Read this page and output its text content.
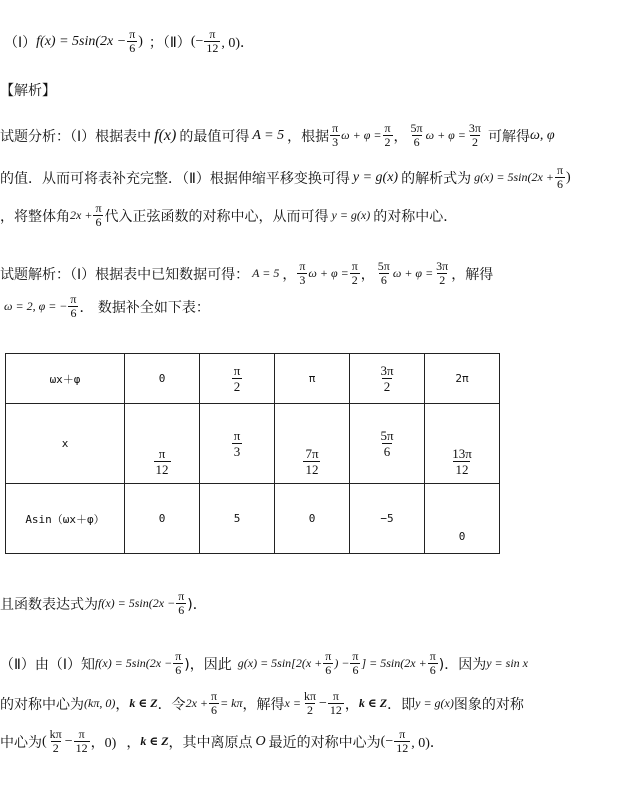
（Ⅰ） $f(x) = 5\sin(2x - \frac{\pi}{6}$ ) ；（Ⅱ） (− $\frac{\pi}{12}$ , 0)．
【解析】
试题分析：（Ⅰ）根据表中 f(x) 的最值可得 A = 5 ，根据 $\frac{\pi}{3}$ $\omega + \varphi = \frac{\pi}{2}$ ， $\frac{5\pi}{6}$ $\omega + \varphi = \frac{3\pi}{2}$ 可解得 ω, φ
的值．从而可将表补充完整．（Ⅱ）根据伸缩平移变换可得 y = g(x) 的解析式为 $g(x) = 5\sin(2x + \frac{\pi}{6}$ )
，将整体角 $2x + \frac{\pi}{6}$ 代入正弦函数的对称中心，从而可得 y = g(x) 的对称中心．
试题解析：（Ⅰ）根据表中已知数据可得： A = 5 ， $\frac{\pi}{3}$ $\omega + \varphi = \frac{\pi}{2}$ ， $\frac{5\pi}{6}$ $\omega + \varphi = \frac{3\pi}{2}$ ，解得
ω = 2, φ = − $\frac{\pi}{6}$ ． 数据补全如下表：
ωx＋φ	0	$\frac{\pi}{2}$	π	$\frac{3\pi}{2}$	2π
x	$\frac{\pi}{12}$	$\frac{\pi}{3}$	$\frac{7\pi}{12}$	$\frac{5\pi}{6}$	$\frac{13\pi}{12}$

Asin（ωx＋φ）	0	5	0	−5	0
且函数表达式为 $f(x) = 5\sin(2x - \frac{\pi}{6}$ )．
（Ⅱ）由（Ⅰ）知 $f(x) = 5\sin(2x - \frac{\pi}{6}$ )，因此 $g(x) = 5\sin[2(x + \frac{\pi}{6}$ ) − $\frac{\pi}{6}$ ] = $5\sin(2x + \frac{\pi}{6}$ )．因为 y = sin x
的对称中心为 (kπ, 0) ， k ∈ Z ．令 $2x + \frac{\pi}{6} = k\pi$ ，解得 $x = \frac{k\pi}{2} - \frac{\pi}{12}$ ， k ∈ Z ．即 y = g(x) 图象的对称
中心为 ( $\frac{k\pi}{2} - \frac{\pi}{12}$ ，0) ， k ∈ Z ，其中离原点 O 最近的对称中心为 (− $\frac{\pi}{12}$ , 0)．
